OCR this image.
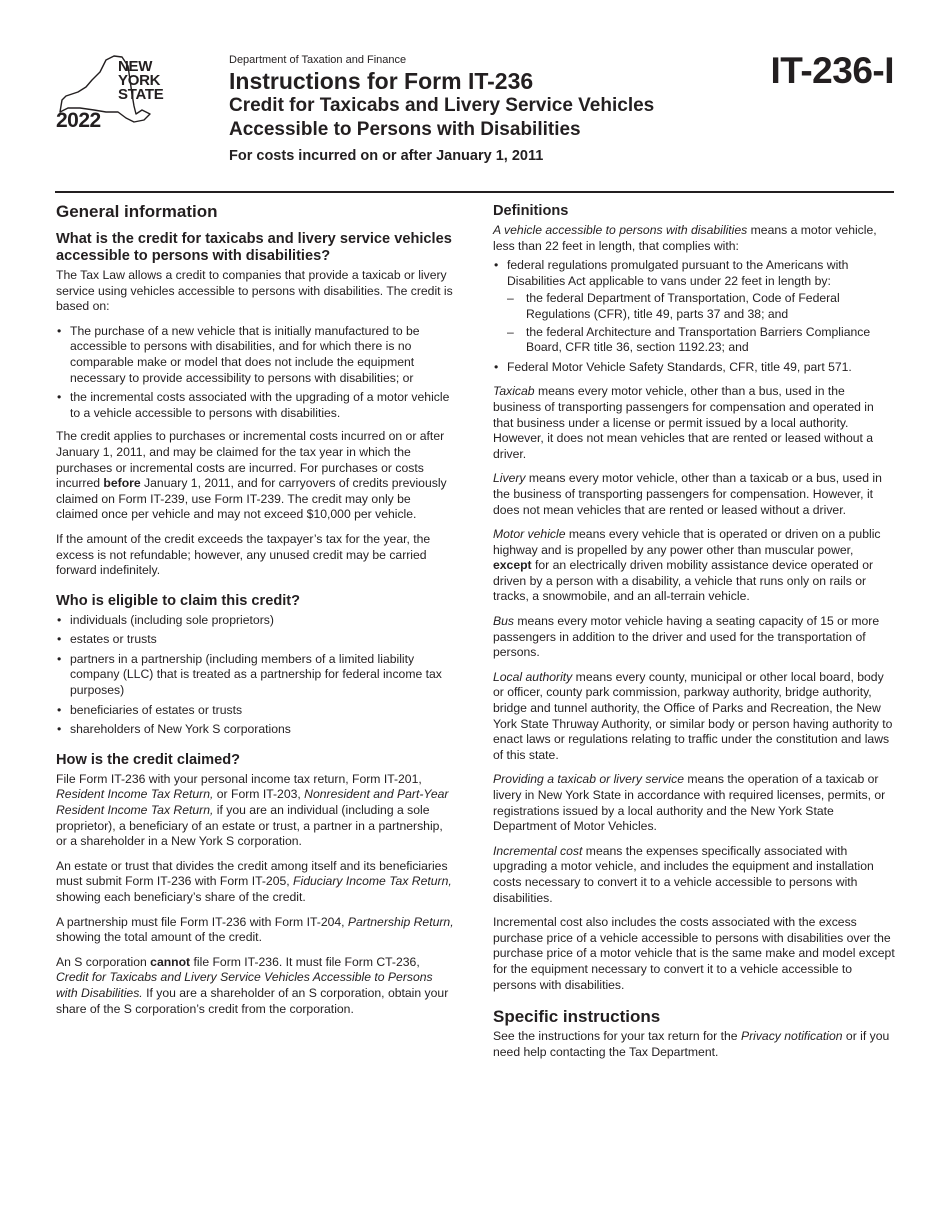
NEW
YORK
STATE
2022
Department of Taxation and Finance
Instructions for Form IT-236
Credit for Taxicabs and Livery Service Vehicles
Accessible to Persons with Disabilities
For costs incurred on or after January 1, 2011
IT-236-I
General information
What is the credit for taxicabs and livery service vehicles accessible to persons with disabilities?

The Tax Law allows a credit to companies that provide a taxicab or livery service using vehicles accessible to persons with disabilities. The credit is based on:

• The purchase of a new vehicle that is initially manufactured to be accessible to persons with disabilities, and for which there is no comparable make or model that does not include the equipment necessary to provide accessibility to persons with disabilities; or
• the incremental costs associated with the upgrading of a motor vehicle to a vehicle accessible to persons with disabilities.

The credit applies to purchases or incremental costs incurred on or after January 1, 2011, and may be claimed for the tax year in which the purchases or incremental costs are incurred. For purchases or costs incurred before January 1, 2011, and for carryovers of credits previously claimed on Form IT-239, use Form IT-239. The credit may only be claimed once per vehicle and may not exceed $10,000 per vehicle.

If the amount of the credit exceeds the taxpayer’s tax for the year, the excess is not refundable; however, any unused credit may be carried forward indefinitely.

Who is eligible to claim this credit?
• individuals (including sole proprietors)
• estates or trusts
• partners in a partnership (including members of a limited liability company (LLC) that is treated as a partnership for federal income tax purposes)
• beneficiaries of estates or trusts
• shareholders of New York S corporations
How is the credit claimed?

File Form IT-236 with your personal income tax return, Form IT-201, Resident Income Tax Return, or Form IT-203, Nonresident and Part-Year Resident Income Tax Return, if you are an individual (including a sole proprietor), a beneficiary of an estate or trust, a partner in a partnership, or a shareholder in a New York S corporation.

An estate or trust that divides the credit among itself and its beneficiaries must submit Form IT-236 with Form IT-205, Fiduciary Income Tax Return, showing each beneficiary’s share of the credit.

A partnership must file Form IT-236 with Form IT-204, Partnership Return, showing the total amount of the credit.

An S corporation cannot file Form IT-236. It must file Form CT-236, Credit for Taxicabs and Livery Service Vehicles Accessible to Persons with Disabilities. If you are a shareholder of an S corporation, obtain your share of the S corporation’s credit from the corporation.

Definitions

A vehicle accessible to persons with disabilities means a motor vehicle, less than 22 feet in length, that complies with:

• federal regulations promulgated pursuant to the Americans with Disabilities Act applicable to vans under 22 feet in length by:
– the federal Department of Transportation, Code of Federal Regulations (CFR), title 49, parts 37 and 38; and
– the federal Architecture and Transportation Barriers Compliance Board, CFR title 36, section 1192.23; and
• Federal Motor Vehicle Safety Standards, CFR, title 49, part 571.

Taxicab means every motor vehicle, other than a bus, used in the business of transporting passengers for compensation and operated in that business under a license or permit issued by a local authority. However, it does not mean vehicles that are rented or leased without a driver.

Livery means every motor vehicle, other than a taxicab or a bus, used in the business of transporting passengers for compensation. However, it does not mean vehicles that are rented or leased without a driver.

Motor vehicle means every vehicle that is operated or driven on a public highway and is propelled by any power other than muscular power, except for an electrically driven mobility assistance device operated or driven by a person with a disability, a vehicle that runs only on rails or tracks, a snowmobile, and an all-terrain vehicle.

Bus means every motor vehicle having a seating capacity of 15 or more passengers in addition to the driver and used for the transportation of persons.

Local authority means every county, municipal or other local board, body or officer, county park commission, parkway authority, bridge authority, bridge and tunnel authority, the Office of Parks and Recreation, the New York State Thruway Authority, or similar body or person having authority to enact laws or regulations relating to traffic under the constitution and laws of this state.

Providing a taxicab or livery service means the operation of a taxicab or livery in New York State in accordance with required licenses, permits, or registrations issued by a local authority and the New York State Department of Motor Vehicles.

Incremental cost means the expenses specifically associated with upgrading a motor vehicle, and includes the equipment and installation costs necessary to convert it to a vehicle accessible to persons with disabilities.

Incremental cost also includes the costs associated with the excess purchase price of a vehicle accessible to persons with disabilities over the purchase price of a motor vehicle that is the same make and model except for the equipment necessary to convert it to a vehicle accessible to persons with disabilities.

Specific instructions

See the instructions for your tax return for the Privacy notification or if you need help contacting the Tax Department.
